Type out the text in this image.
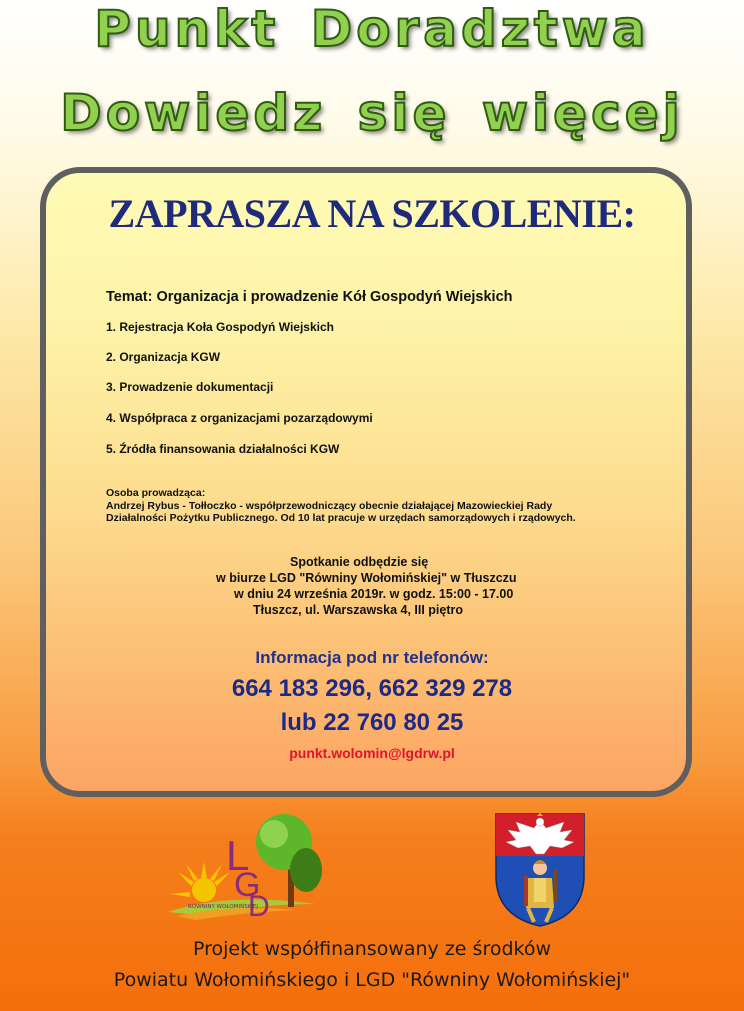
Punkt Doradztwa
Dowiedz się więcej
ZAPRASZA NA SZKOLENIE:

Temat: Organizacja i prowadzenie Kół Gospodyń Wiejskich

1. Rejestracja Koła Gospodyń Wiejskich
2. Organizacja KGW
3. Prowadzenie dokumentacji
4. Współpraca z organizacjami pozarządowymi
5. Źródła finansowania działalności KGW
Osoba prowadząca:
Andrzej Rybus - Tołłoczko - współprzewodniczący obecnie działającej Mazowieckiej Rady
Działalności Pożytku Publicznego. Od 10 lat pracuje w urzędach samorządowych i rządowych.
Spotkanie odbędzie się
w biurze LGD "Równiny Wołomińskiej" w Tłuszczu
w dniu 24 września 2019r. w godz. 15:00 - 17.00
Tłuszcz, ul. Warszawska 4, III piętro

Informacja pod nr telefonów:

664 183 296, 662 329 278

lub 22 760 80 25

punkt.wolomin@lgdrw.pl

L
G
D
RÓWNINY WOŁOMIŃSKIEJ
Projekt współfinansowany ze środków
Powiatu Wołomińskiego i LGD "Równiny Wołomińskiej"
